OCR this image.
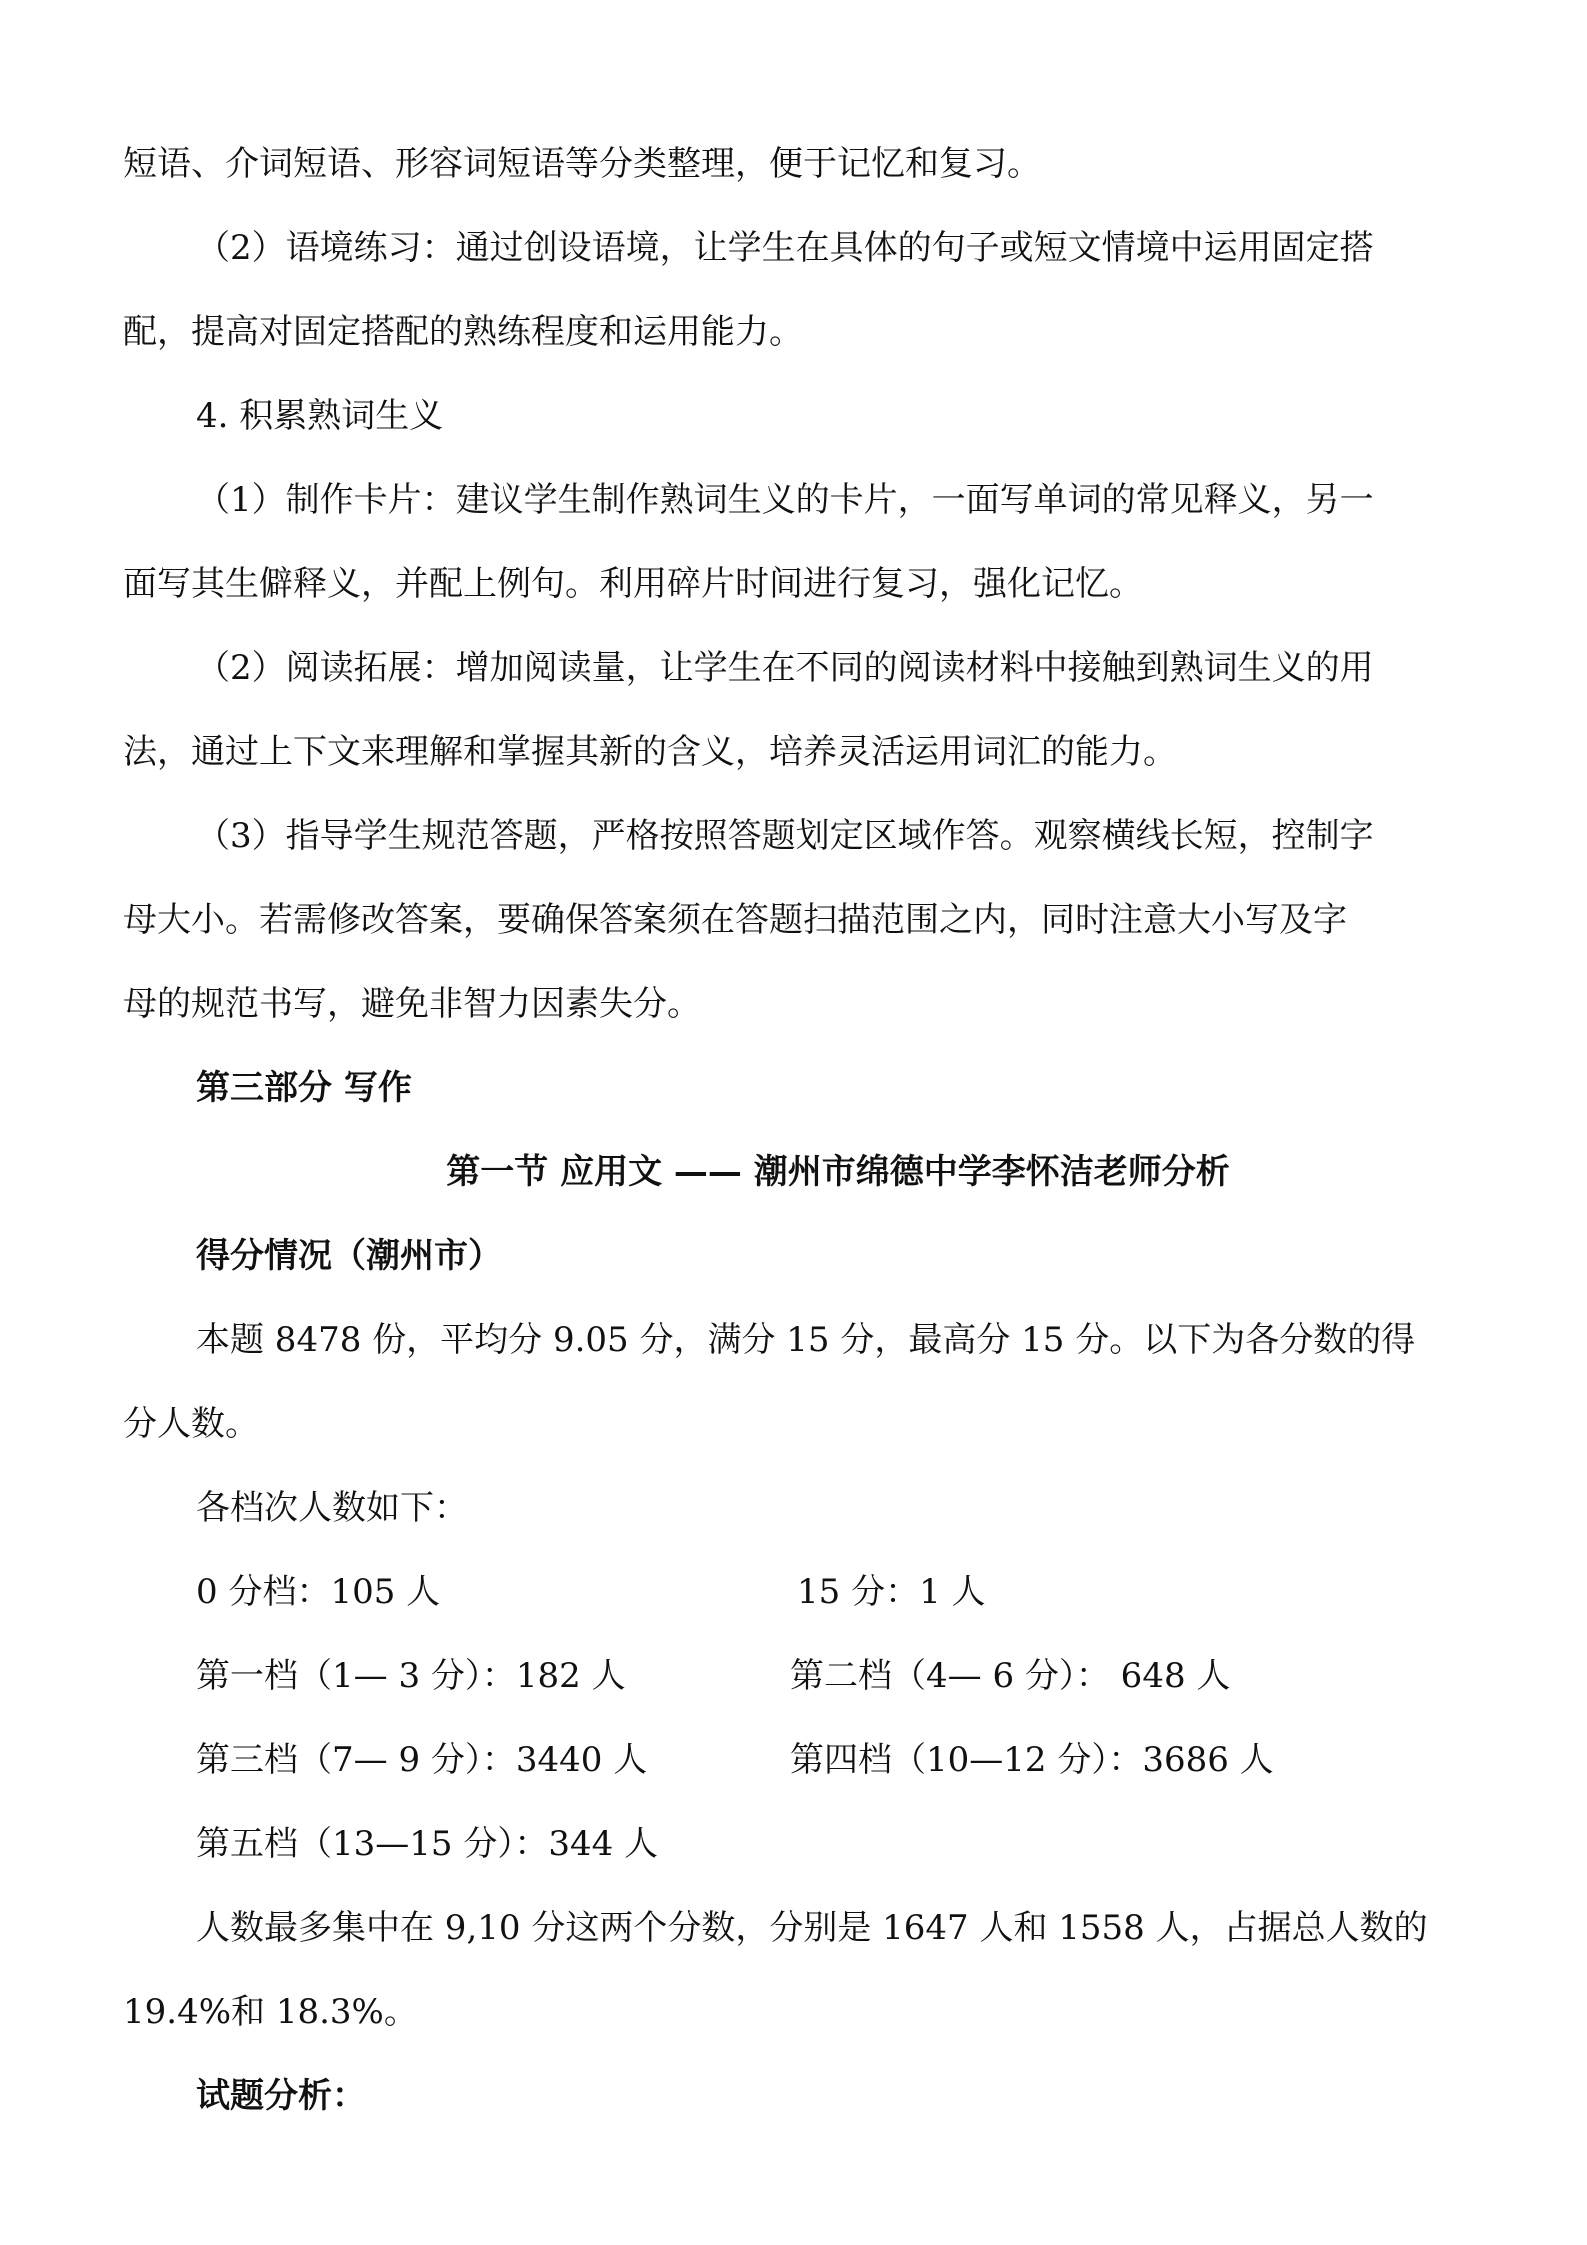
短语、介词短语、形容词短语等分类整理，便于记忆和复习。
（2）语境练习：通过创设语境，让学生在具体的句子或短文情境中运用固定搭
配，提高对固定搭配的熟练程度和运用能力。
4. 积累熟词生义
（1）制作卡片：建议学生制作熟词生义的卡片，一面写单词的常见释义，另一
面写其生僻释义，并配上例句。利用碎片时间进行复习，强化记忆。
（2）阅读拓展：增加阅读量，让学生在不同的阅读材料中接触到熟词生义的用
法，通过上下文来理解和掌握其新的含义，培养灵活运用词汇的能力。
（3）指导学生规范答题，严格按照答题划定区域作答。观察横线长短，控制字
母大小。若需修改答案，要确保答案须在答题扫描范围之内，同时注意大小写及字
母的规范书写，避免非智力因素失分。
第三部分 写作
第一节 应用文 —— 潮州市绵德中学李怀洁老师分析
得分情况（潮州市）
本题 8478 份，平均分 9.05 分，满分 15 分，最高分 15 分。以下为各分数的得
分人数。
各档次人数如下：
0 分档：105 人	15 分：1 人
第一档（1— 3 分）：182 人	第二档（4— 6 分）： 648 人
第三档（7— 9 分）：3440 人	第四档（10—12 分）：3686 人
第五档（13—15 分）：344 人
人数最多集中在 9,10 分这两个分数，分别是 1647 人和 1558 人，占据总人数的
19.4%和 18.3%。
试题分析：
